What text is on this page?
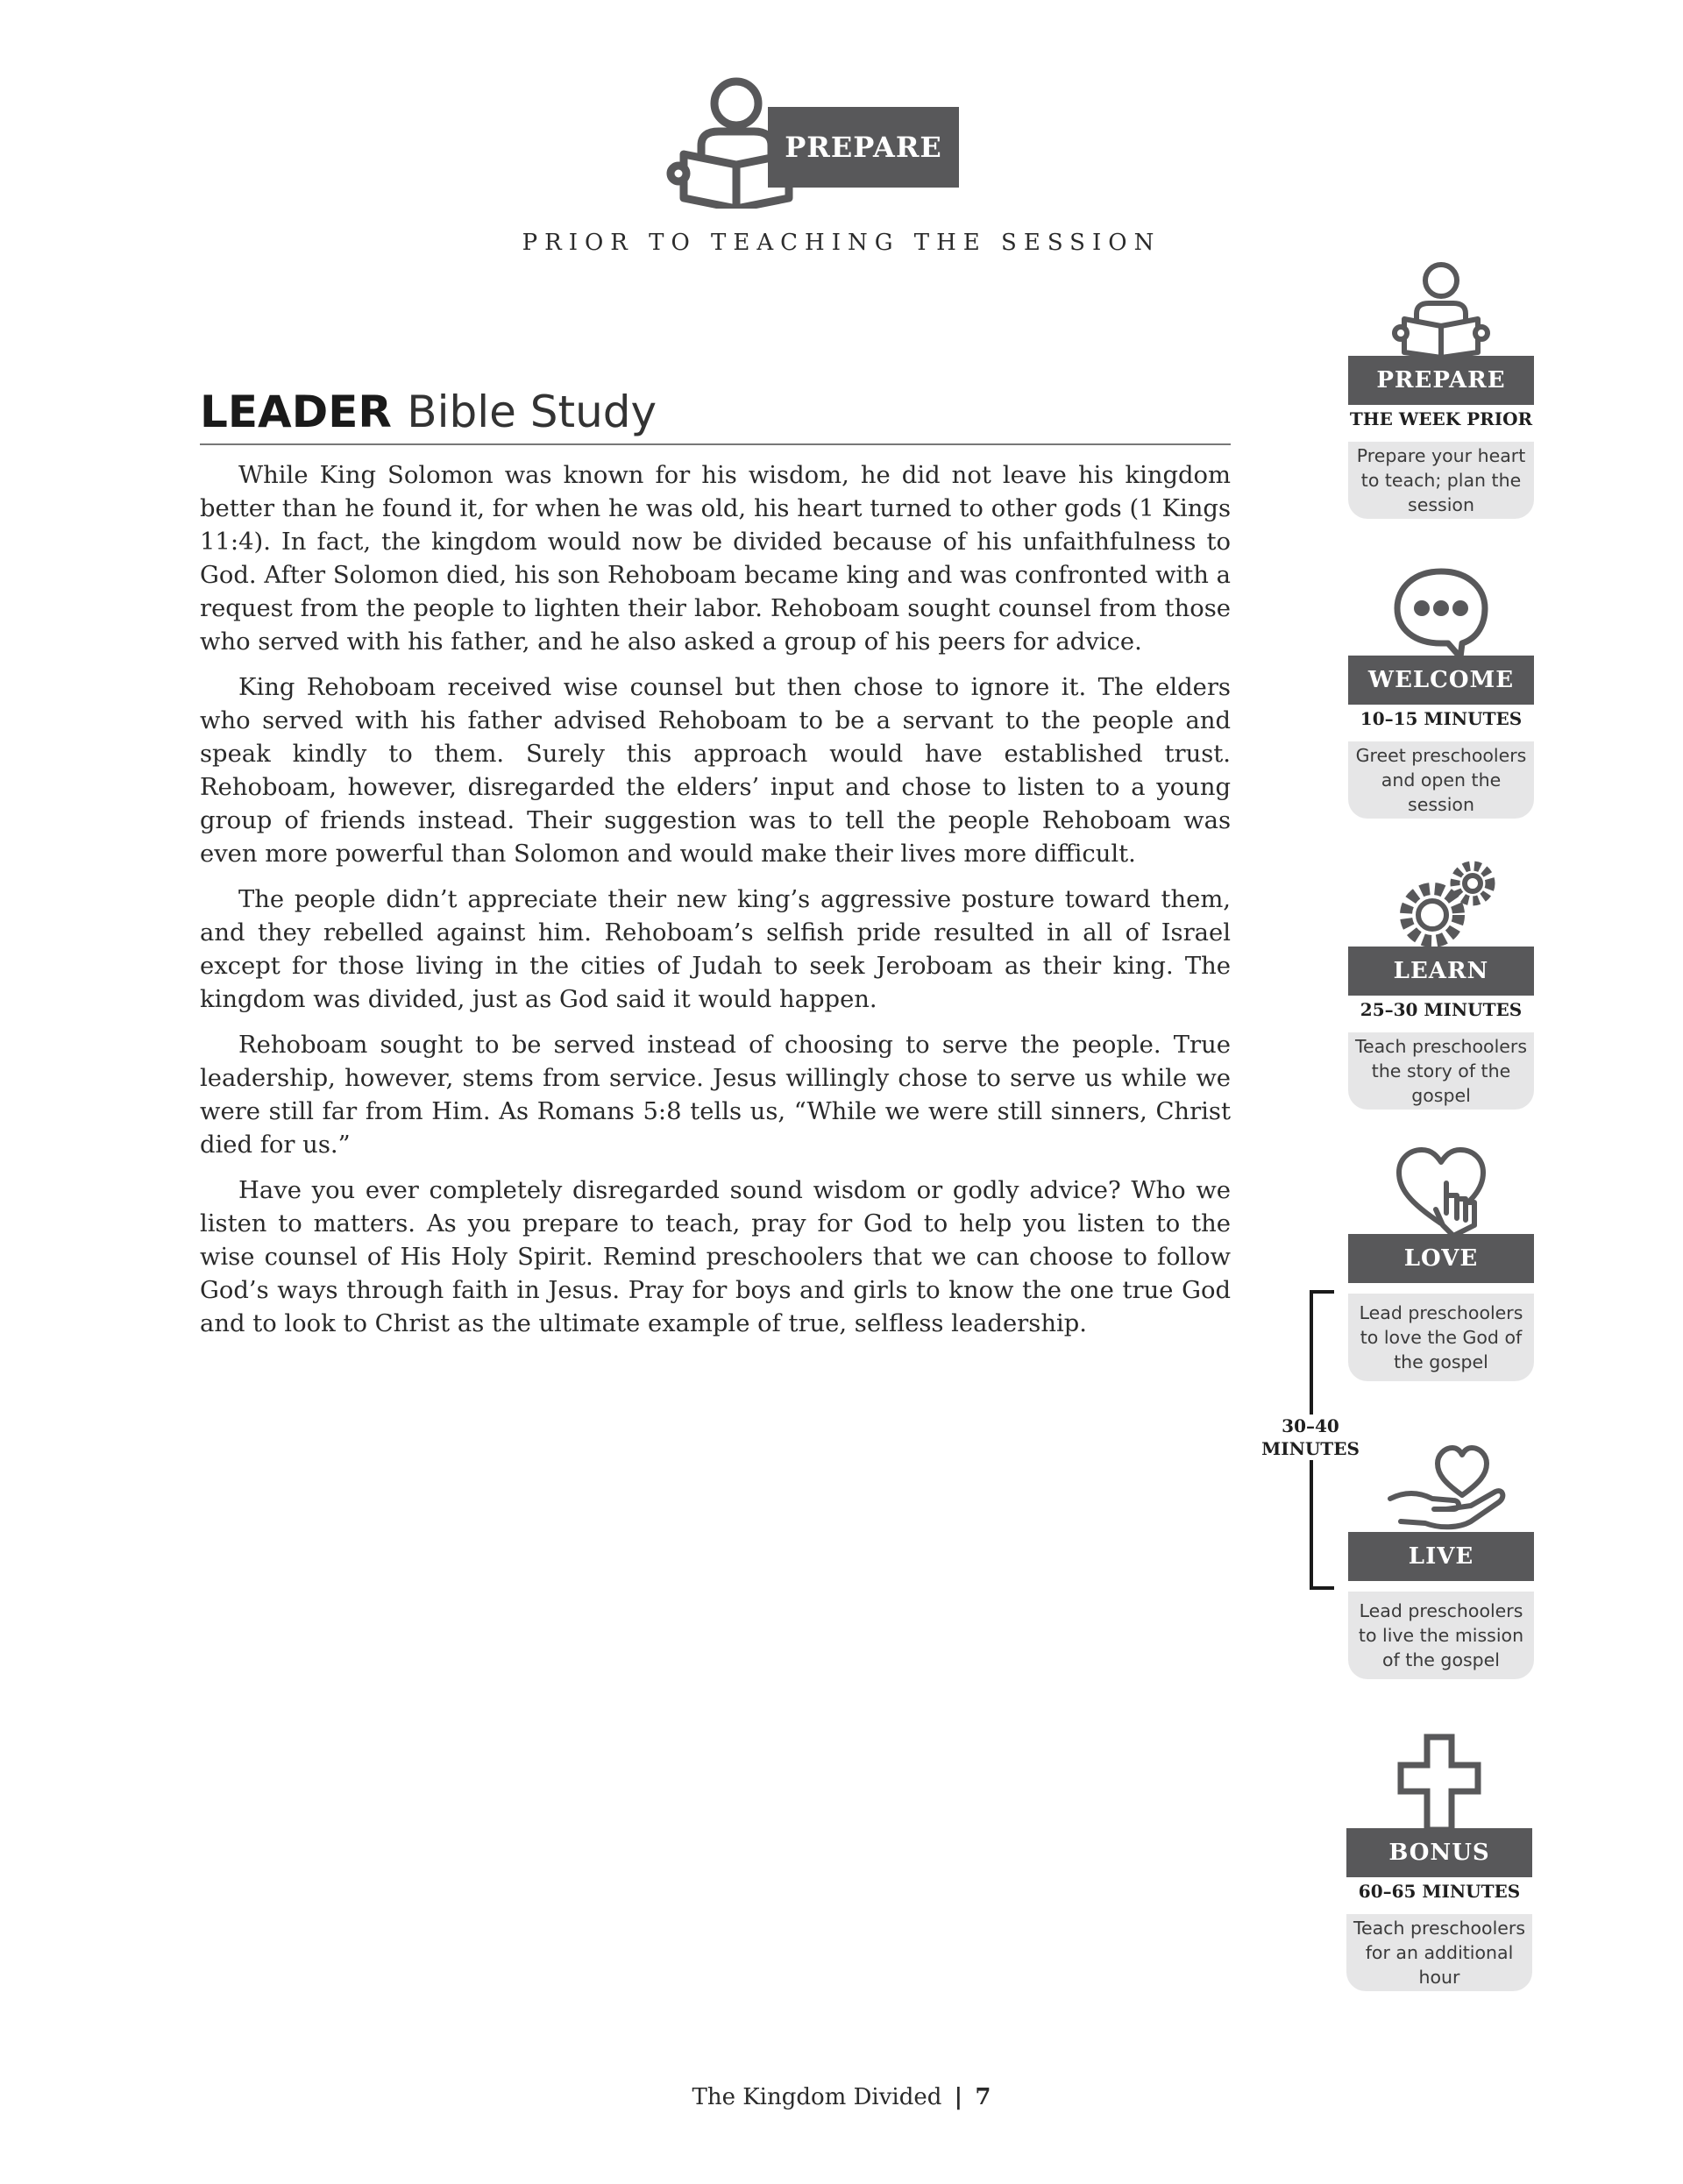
PREPARE
PRIOR TO TEACHING THE SESSION
LEADER Bible Study

While King Solomon was known for his wisdom, he did not leave his kingdom better than he found it, for when he was old, his heart turned to other gods (1 Kings 11:4). In fact, the kingdom would now be divided because of his unfaithfulness to God. After Solomon died, his son Rehoboam became king and was confronted with a request from the people to lighten their labor. Rehoboam sought counsel from those who served with his father, and he also asked a group of his peers for advice.

King Rehoboam received wise counsel but then chose to ignore it. The elders who served with his father advised Rehoboam to be a servant to the people and speak kindly to them. Surely this approach would have established trust. Rehoboam, however, disregarded the elders’ input and chose to listen to a young group of friends instead. Their suggestion was to tell the people Rehoboam was even more powerful than Solomon and would make their lives more difficult.

The people didn’t appreciate their new king’s aggressive posture toward them, and they rebelled against him. Rehoboam’s selfish pride resulted in all of Israel except for those living in the cities of Judah to seek Jeroboam as their king. The kingdom was divided, just as God said it would happen.

Rehoboam sought to be served instead of choosing to serve the people. True leadership, however, stems from service. Jesus willingly chose to serve us while we were still far from Him. As Romans 5:8 tells us, “While we were still sinners, Christ died for us.”

Have you ever completely disregarded sound wisdom or godly advice? Who we listen to matters. As you prepare to teach, pray for God to help you listen to the wise counsel of His Holy Spirit. Remind preschoolers that we can choose to follow God’s ways through faith in Jesus. Pray for boys and girls to know the one true God and to look to Christ as the ultimate example of true, selfless leadership.

PREPARE
THE WEEK PRIOR
Prepare your heart to teach; plan the session
WELCOME
10–15 MINUTES
Greet preschoolers and open the session
LEARN
25–30 MINUTES
Teach preschoolers the story of the gospel
LOVE
Lead preschoolers to love the God of the gospel
30–40
MINUTES
LIVE
Lead preschoolers to live the mission of the gospel
BONUS
60–65 MINUTES
Teach preschoolers for an additional hour
The Kingdom Divided | 7
